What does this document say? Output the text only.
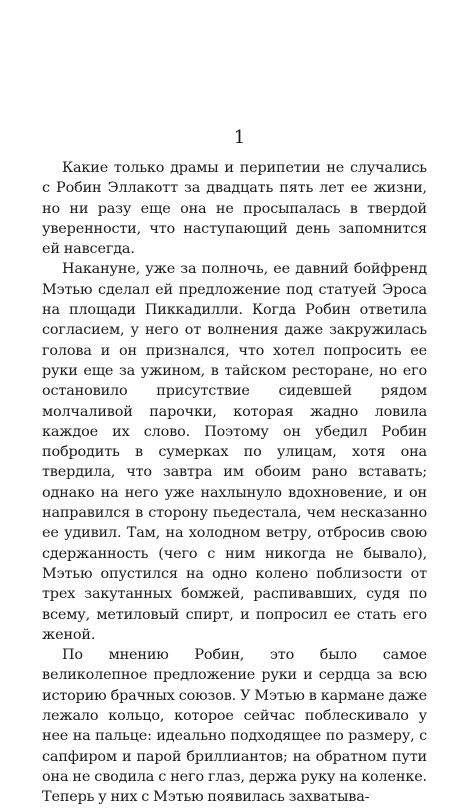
1

Какие только драмы и перипетии не случались с Робин Эллакотт за двадцать пять лет ее жизни, но ни разу еще она не просыпалась в твердой уверенности, что наступающий день запомнится ей навсегда.

Накануне, уже за полночь, ее давний бойфренд Мэтью сделал ей предложение под статуей Эроса на площади Пиккадилли. Когда Робин ответила согласием, у него от волнения даже закружилась голова и он признался, что хотел попросить ее руки еще за ужином, в тайском ресторане, но его остановило присутствие сидевшей рядом молчаливой парочки, которая жадно ловила каждое их слово. Поэтому он убедил Робин побродить в сумерках по улицам, хотя она твердила, что завтра им обоим рано вставать; однако на него уже нахлынуло вдохновение, и он направился в сторону пьедестала, чем несказанно ее удивил. Там, на холодном ветру, отбросив свою сдержанность (чего с ним никогда не бывало), Мэтью опустился на одно колено поблизости от трех закутанных бомжей, распивавших, судя по всему, метиловый спирт, и попросил ее стать его женой.

По мнению Робин, это было самое великолепное предложение руки и сердца за всю историю брачных союзов. У Мэтью в кармане даже лежало кольцо, которое сейчас поблескивало у нее на пальце: идеально подходящее по размеру, с сапфиром и парой бриллиантов; на обратном пути она не сводила с него глаз, держа руку на коленке. Теперь у них с Мэтью появилась захватыва-
